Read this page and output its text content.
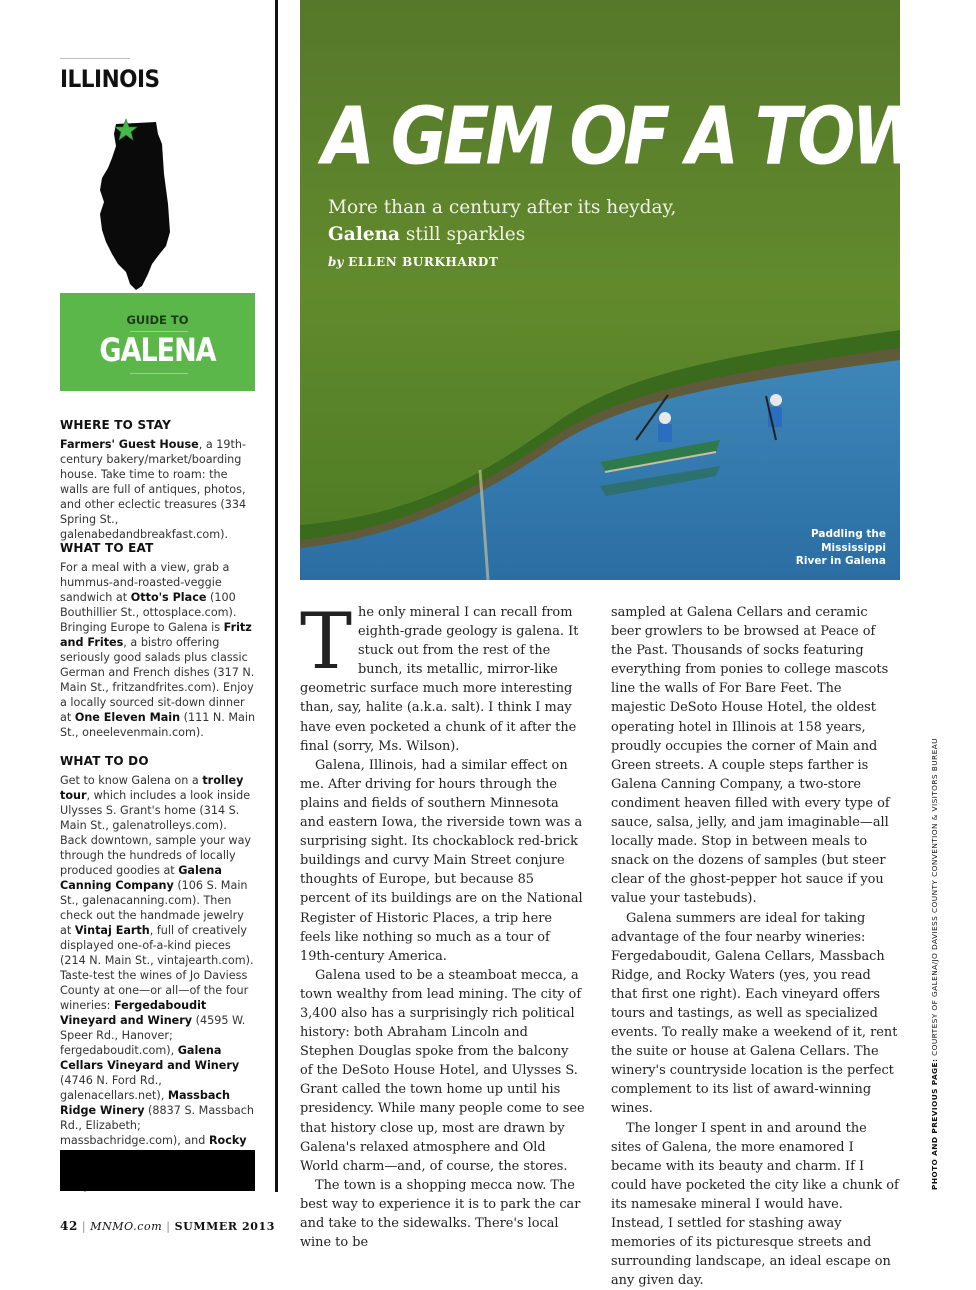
ILLINOIS
GUIDE TO
GALENA
WHERE TO STAY
Farmers' Guest House, a 19th-century bakery/market/boarding house. Take time to roam: the walls are full of antiques, photos, and other eclectic treasures (334 Spring St., galenabedandbreakfast.com).
WHAT TO EAT
For a meal with a view, grab a hummus-and-roasted-veggie sandwich at Otto's Place (100 Bouthillier St., ottosplace.com). Bringing Europe to Galena is Fritz and Frites, a bistro offering seriously good salads plus classic German and French dishes (317 N. Main St., fritzandfrites.com). Enjoy a locally sourced sit-down dinner at One Eleven Main (111 N. Main St., oneelevenmain.com).
WHAT TO DO
Get to know Galena on a trolley tour, which includes a look inside Ulysses S. Grant's home (314 S. Main St., galenatrolleys.com). Back downtown, sample your way through the hundreds of locally produced goodies at Galena Canning Company (106 S. Main St., galenacanning.com). Then check out the handmade jewelry at Vintaj Earth, full of creatively displayed one-of-a-kind pieces (214 N. Main St., vintajearth.com). Taste-test the wines of Jo Daviess County at one—or all—of the four wineries: Fergedaboudit Vineyard and Winery (4595 W. Speer Rd., Hanover; fergedaboudit.com), Galena Cellars Vineyard and Winery (4746 N. Ford Rd., galenacellars.net), Massbach Ridge Winery (8837 S. Massbach Rd., Elizabeth; massbachridge.com), and Rocky
A GEM OF A TOWN
More than a century after its heyday,
Galena still sparkles
by ELLEN BURKHARDT
Paddling the
Mississippi
River in Galena

The only mineral I can recall from eighth-grade geology is galena. It stuck out from the rest of the bunch, its metallic, mirror-like geometric surface much more interesting than, say, halite (a.k.a. salt). I think I may have even pocketed a chunk of it after the final (sorry, Ms. Wilson).

Galena, Illinois, had a similar effect on me. After driving for hours through the plains and fields of southern Minnesota and eastern Iowa, the riverside town was a surprising sight. Its chockablock red-brick buildings and curvy Main Street conjure thoughts of Europe, but because 85 percent of its buildings are on the National Register of Historic Places, a trip here feels like nothing so much as a tour of 19th-century America.

Galena used to be a steamboat mecca, a town wealthy from lead mining. The city of 3,400 also has a surprisingly rich political history: both Abraham Lincoln and Stephen Douglas spoke from the balcony of the DeSoto House Hotel, and Ulysses S. Grant called the town home up until his presidency. While many people come to see that history close up, most are drawn by Galena's relaxed atmosphere and Old World charm—and, of course, the stores.

The town is a shopping mecca now. The best way to experience it is to park the car and take to the sidewalks. There's local wine to be

sampled at Galena Cellars and ceramic beer growlers to be browsed at Peace of the Past. Thousands of socks featuring everything from ponies to college mascots line the walls of For Bare Feet. The majestic DeSoto House Hotel, the oldest operating hotel in Illinois at 158 years, proudly occupies the corner of Main and Green streets. A couple steps farther is Galena Canning Company, a two-store condiment heaven filled with every type of sauce, salsa, jelly, and jam imaginable—all locally made. Stop in between meals to snack on the dozens of samples (but steer clear of the ghost-pepper hot sauce if you value your tastebuds).

Galena summers are ideal for taking advantage of the four nearby wineries: Fergedaboudit, Galena Cellars, Massbach Ridge, and Rocky Waters (yes, you read that first one right). Each vineyard offers tours and tastings, as well as specialized events. To really make a weekend of it, rent the suite or house at Galena Cellars. The winery's countryside location is the perfect complement to its list of award-winning wines.

The longer I spent in and around the sites of Galena, the more enamored I became with its beauty and charm. If I could have pocketed the city like a chunk of its namesake mineral I would have. Instead, I settled for stashing away memories of its picturesque streets and surrounding landscape, an ideal escape on any given day.

PHOTO AND PREVIOUS PAGE: COURTESY OF GALENA/JO DAVIESS COUNTY CONVENTION & VISITORS BUREAU
42 | MNMO.com | SUMMER 2013
